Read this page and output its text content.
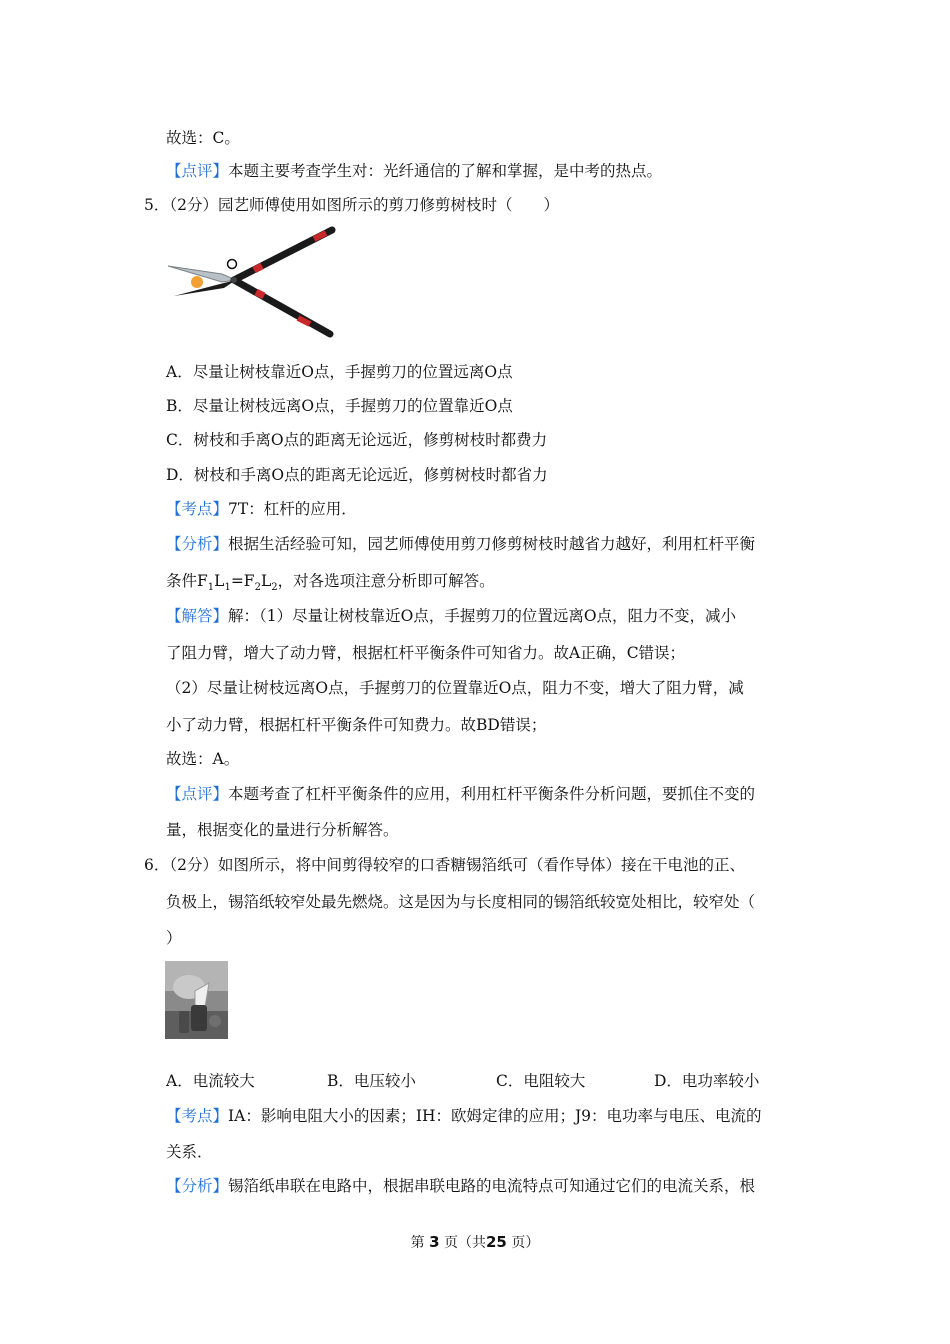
故选：C。
【点评】本题主要考查学生对：光纤通信的了解和掌握，是中考的热点。
5．（2分）园艺师傅使用如图所示的剪刀修剪树枝时（　　）
A．尽量让树枝靠近O点，手握剪刀的位置远离O点
B．尽量让树枝远离O点，手握剪刀的位置靠近O点
C．树枝和手离O点的距离无论远近，修剪树枝时都费力
D．树枝和手离O点的距离无论远近，修剪树枝时都省力
【考点】7T：杠杆的应用．
【分析】根据生活经验可知，园艺师傅使用剪刀修剪树枝时越省力越好，利用杠杆平衡
条件$F_1L_1=F_2L_2$，对各选项注意分析即可解答。
【解答】解：（1）尽量让树枝靠近O点，手握剪刀的位置远离O点，阻力不变，减小
了阻力臂，增大了动力臂，根据杠杆平衡条件可知省力。故A正确，C错误；
（2）尽量让树枝远离O点，手握剪刀的位置靠近O点，阻力不变，增大了阻力臂，减
小了动力臂，根据杠杆平衡条件可知费力。故BD错误；
故选：A。
【点评】本题考查了杠杆平衡条件的应用，利用杠杆平衡条件分析问题，要抓住不变的
量，根据变化的量进行分析解答。
6．（2分）如图所示，将中间剪得较窄的口香糖锡箔纸可（看作导体）接在干电池的正、
负极上，锡箔纸较窄处最先燃烧。这是因为与长度相同的锡箔纸较宽处相比，较窄处（
）
A．电流较大	B．电压较小	C．电阻较大	D．电功率较小
【考点】IA：影响电阻大小的因素；IH：欧姆定律的应用；J9：电功率与电压、电流的
关系．
【分析】锡箔纸串联在电路中，根据串联电路的电流特点可知通过它们的电流关系，根
第 3 页（共25 页）
